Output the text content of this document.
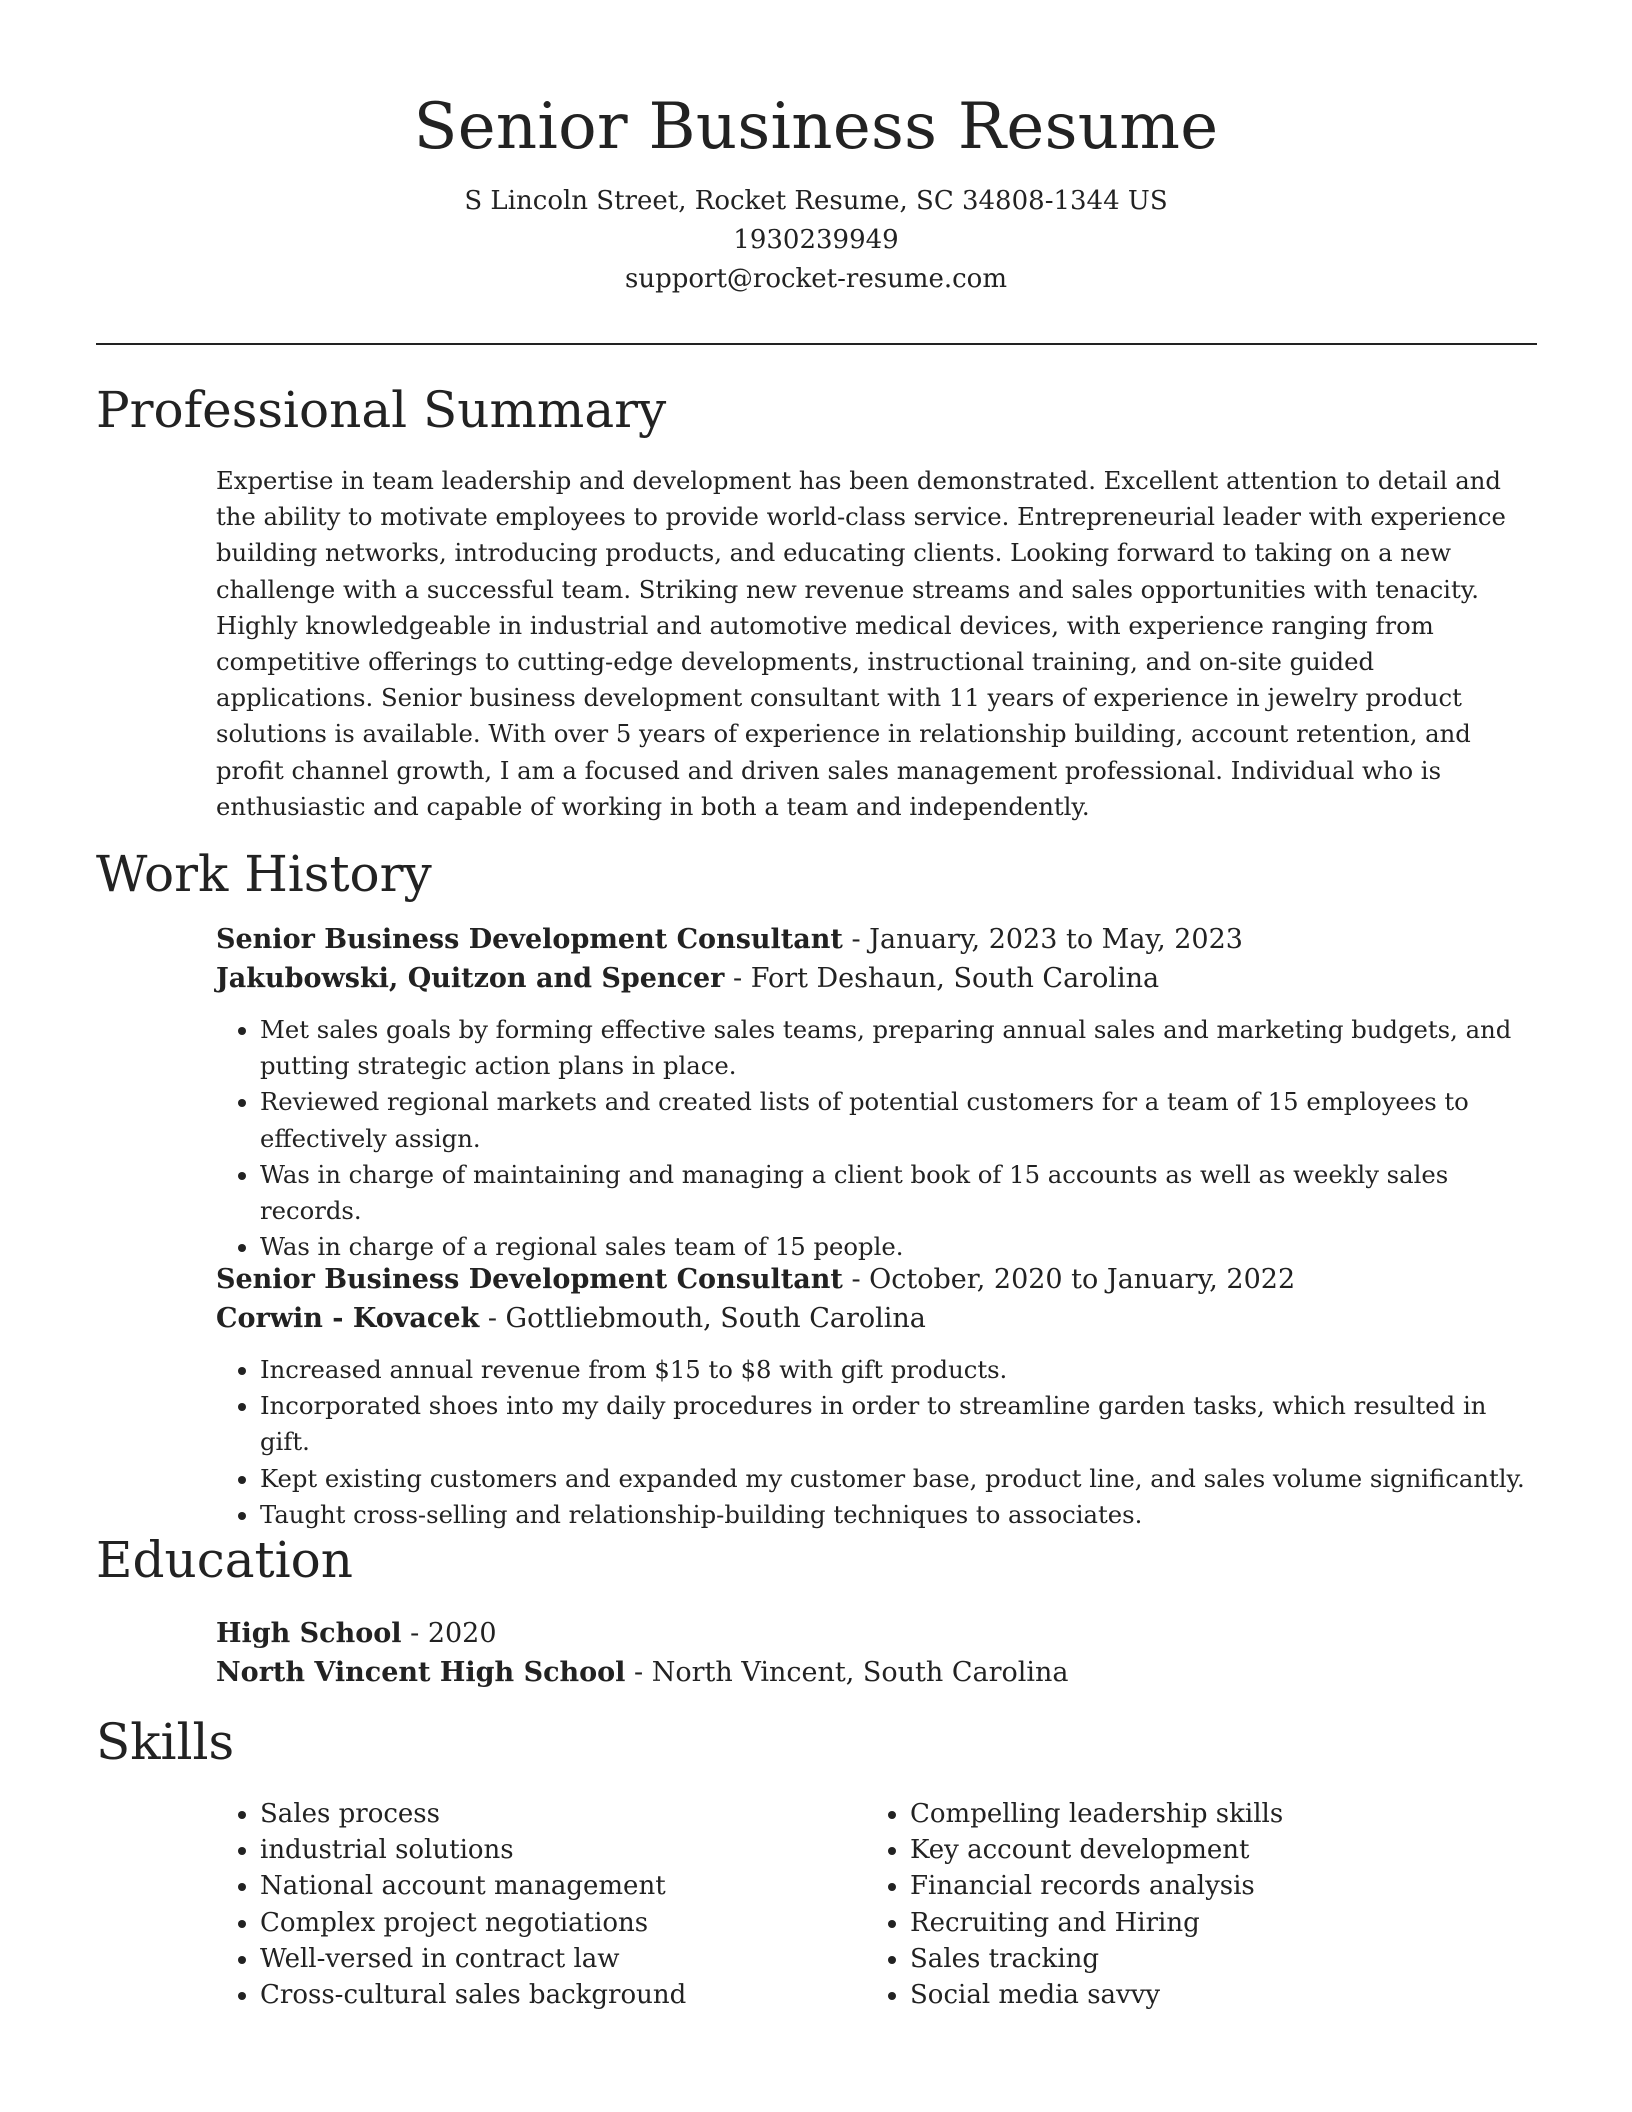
Senior Business Resume
S Lincoln Street, Rocket Resume, SC 34808-1344 US
1930239949
support@rocket-resume.com
Professional Summary

Expertise in team leadership and development has been demonstrated. Excellent attention to detail and the ability to motivate employees to provide world-class service. Entrepreneurial leader with experience building networks, introducing products, and educating clients. Looking forward to taking on a new challenge with a successful team. Striking new revenue streams and sales opportunities with tenacity. Highly knowledgeable in industrial and automotive medical devices, with experience ranging from competitive offerings to cutting-edge developments, instructional training, and on-site guided applications. Senior business development consultant with 11 years of experience in jewelry product solutions is available. With over 5 years of experience in relationship building, account retention, and profit channel growth, I am a focused and driven sales management professional. Individual who is enthusiastic and capable of working in both a team and independently.

Work History
Senior Business Development Consultant - January, 2023 to May, 2023
Jakubowski, Quitzon and Spencer - Fort Deshaun, South Carolina
• Met sales goals by forming effective sales teams, preparing annual sales and marketing budgets, and putting strategic action plans in place.
• Reviewed regional markets and created lists of potential customers for a team of 15 employees to effectively assign.
• Was in charge of maintaining and managing a client book of 15 accounts as well as weekly sales records.
• Was in charge of a regional sales team of 15 people.
Senior Business Development Consultant - October, 2020 to January, 2022
Corwin - Kovacek - Gottliebmouth, South Carolina
• Increased annual revenue from $15 to $8 with gift products.
• Incorporated shoes into my daily procedures in order to streamline garden tasks, which resulted in gift.
• Kept existing customers and expanded my customer base, product line, and sales volume significantly.
• Taught cross-selling and relationship-building techniques to associates.
Education
High School - 2020
North Vincent High School - North Vincent, South Carolina
Skills
• Sales process
• industrial solutions
• National account management
• Complex project negotiations
• Well-versed in contract law
• Cross-cultural sales background
• Compelling leadership skills
• Key account development
• Financial records analysis
• Recruiting and Hiring
• Sales tracking
• Social media savvy
